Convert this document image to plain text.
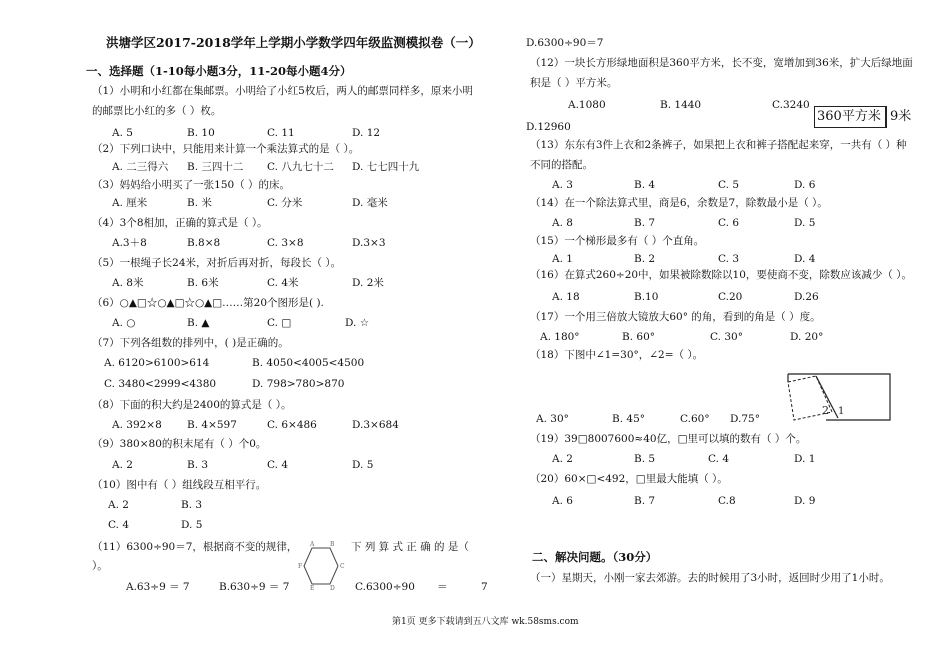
洪塘学区2017-2018学年上学期小学数学四年级监测模拟卷（一）
一、选择题（1-10每小题3分，11-20每小题4分）
（1）小明和小红都在集邮票。小明给了小红5枚后，两人的邮票同样多，原来小明
的邮票比小红的多（ ）枚。
A. 5	B. 10	C. 11	D. 12
（2）下列口诀中，只能用来计算一个乘法算式的是（ ）。
A. 二三得六 B. 三四十二 C. 八九七十二 D. 七七四十九
（3）妈妈给小明买了一张150（ ）的床。
A. 厘米	B. 米	C. 分米	D. 毫米
（4）3个8相加，正确的算式是（ ）。
A.3＋8	B.8×8	C. 3×8	D.3×3
（5）一根绳子长24米，对折后再对折，每段长（ ）。
A. 8米	B. 6米	C. 4米	D. 2米
（6）○▲□☆○▲□☆○▲□……第20个图形是( ).
A. ○	B. ▲	C. □	D. ☆
（7）下列各组数的排列中，( )是正确的。
A. 6120>6100>614	B. 4050<4005<4500
C. 3480<2999<4380	D. 798>780>870
（8）下面的积大约是2400的算式是（ ）。
A. 392×8 B. 4×597	C. 6×486	D.3×684
（9）380×80的积末尾有（ ）个0。
A. 2	B. 3	C. 4	D. 5
（10）图中有（ ）组线段互相平行。
A. 2	B. 3
C. 4	D. 5
（11）6300÷90＝7，根据商不变的规律，	下 列 算 式 正 确 的 是（
）。
A.63÷9 ＝ 7	B.630÷9 ＝ 7	C.6300÷90 ＝	7
A	B
C
D
E
F
D.6300÷90＝7
（12）一块长方形绿地面积是360平方米，长不变，宽增加到36米，扩大后绿地面
积是（ ）平方米。
A.1080	B. 1440	C.3240
D.12960
360平方米 9米
（13）东东有3件上衣和2条裤子，如果把上衣和裤子搭配起来穿，一共有（ ）种
不同的搭配。
A. 3	B. 4	C. 5	D. 6
（14）在一个除法算式里，商是6，余数是7，除数最小是（ ）。
A. 8	B. 7	C. 6	D. 5
（15）一个梯形最多有（ ）个直角。
A. 1	B. 2	C. 3	D. 4
（16）在算式260÷20中，如果被除数除以10，要使商不变，除数应该减少（ ）。
A. 18	B.10	C.20	D.26
（17）一个用三倍放大镜放大60° 的角，看到的角是（ ）度。
A. 180°	B. 60°	C. 30°	D. 20°
（18）下图中∠1=30°，∠2=（ ）。
2 1
A. 30°	B. 45°	C.60° D.75°
（19）39□8007600≈40亿，□里可以填的数有（ ）个。
A. 2	B. 5	C. 4	D. 1
（20）60×□<492，□里最大能填（ ）。
A. 6	B. 7	C.8	D. 9
二、解决问题。（30分）
（一）星期天，小刚一家去郊游。去的时候用了3小时，返回时少用了1小时。
第1页 更多下载请到五八文库 wk.58sms.com
